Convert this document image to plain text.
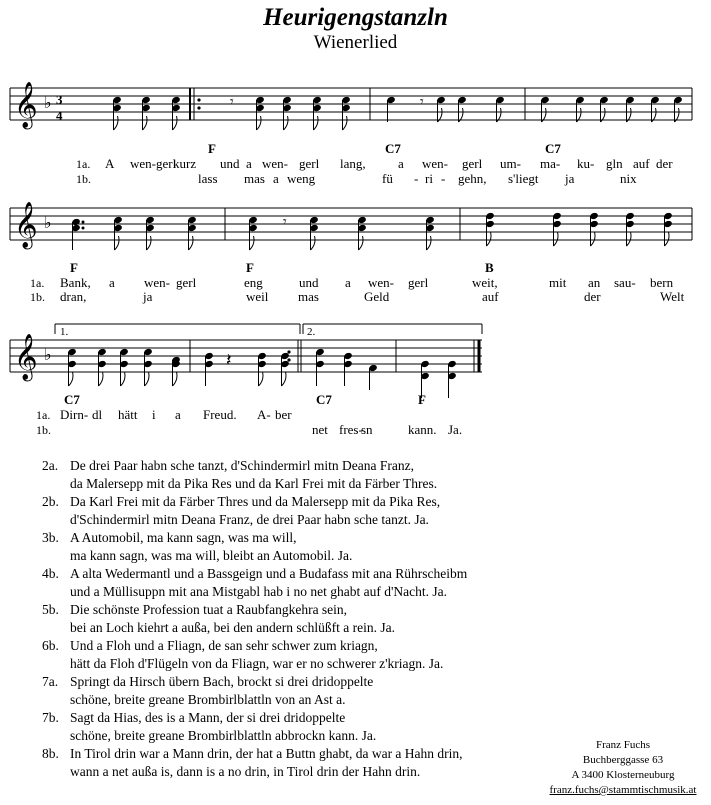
Heurigengstanzln
Wienerlied
𝄞 ♭ 3
4
𝄾	𝄾
𝄞 ♭	𝄾
𝄞 ♭
1.	2.
𝄽
F	C7	C7
1a.
1b.
A wen-gerl
kurz und a wen- gerl lang, a wen- gerl um- ma- ku- gln auf der
lass mas a weng	fü - ri - gehn, s'liegt ja	nix
F	F	B
1a.
1b.
Bank, a wen- gerl	eng	und a wen- gerl	weit,	mit an sau- bern
dran,	ja	weil mas	Geld	auf	der	Welt
C7	C7	F
1a.
1b.
Dirn- dl hätt i a Freud. A- ber
net fres-
sn	kann. Ja.
2a. De drei Paar habn sche tanzt, d'Schindermirl mitn Deana Franz,
da Malersepp mit da Pika Res und da Karl Frei mit da Färber Thres.
2b. Da Karl Frei mit da Färber Thres und da Malersepp mit da Pika Res,
d'Schindermirl mitn Deana Franz, de drei Paar habn sche tanzt. Ja.
3b. A Automobil, ma kann sagn, was ma will,
ma kann sagn, was ma will, bleibt an Automobil. Ja.
4b. A alta Wedermantl und a Bassgeign und a Budafass mit ana Rührscheibm
und a Müllisuppn mit ana Mistgabl hab i no net ghabt auf d'Nacht. Ja.
5b. Die schönste Profession tuat a Raubfangkehra sein,
bei an Loch kiehrt a außa, bei den andern schlüßft a rein. Ja.
6b. Und a Floh und a Fliagn, de san sehr schwer zum kriagn,
hätt da Floh d'Flügeln von da Fliagn, war er no schwerer z'kriagn. Ja.
7a. Springt da Hirsch übern Bach, brockt si drei dridoppelte
schöne, breite greane Brombirlblattln von an Ast a.
7b. Sagt da Hias, des is a Mann, der si drei dridoppelte
schöne, breite greane Brombirlblattln abbrockn kann. Ja.
8b. In Tirol drin war a Mann drin, der hat a Buttn ghabt, da war a Hahn drin,
wann a net außa is, dann is a no drin, in Tirol drin der Hahn drin.
Franz Fuchs
Buchberggasse 63
A 3400 Klosterneuburg
franz.fuchs@stammtischmusik.at
